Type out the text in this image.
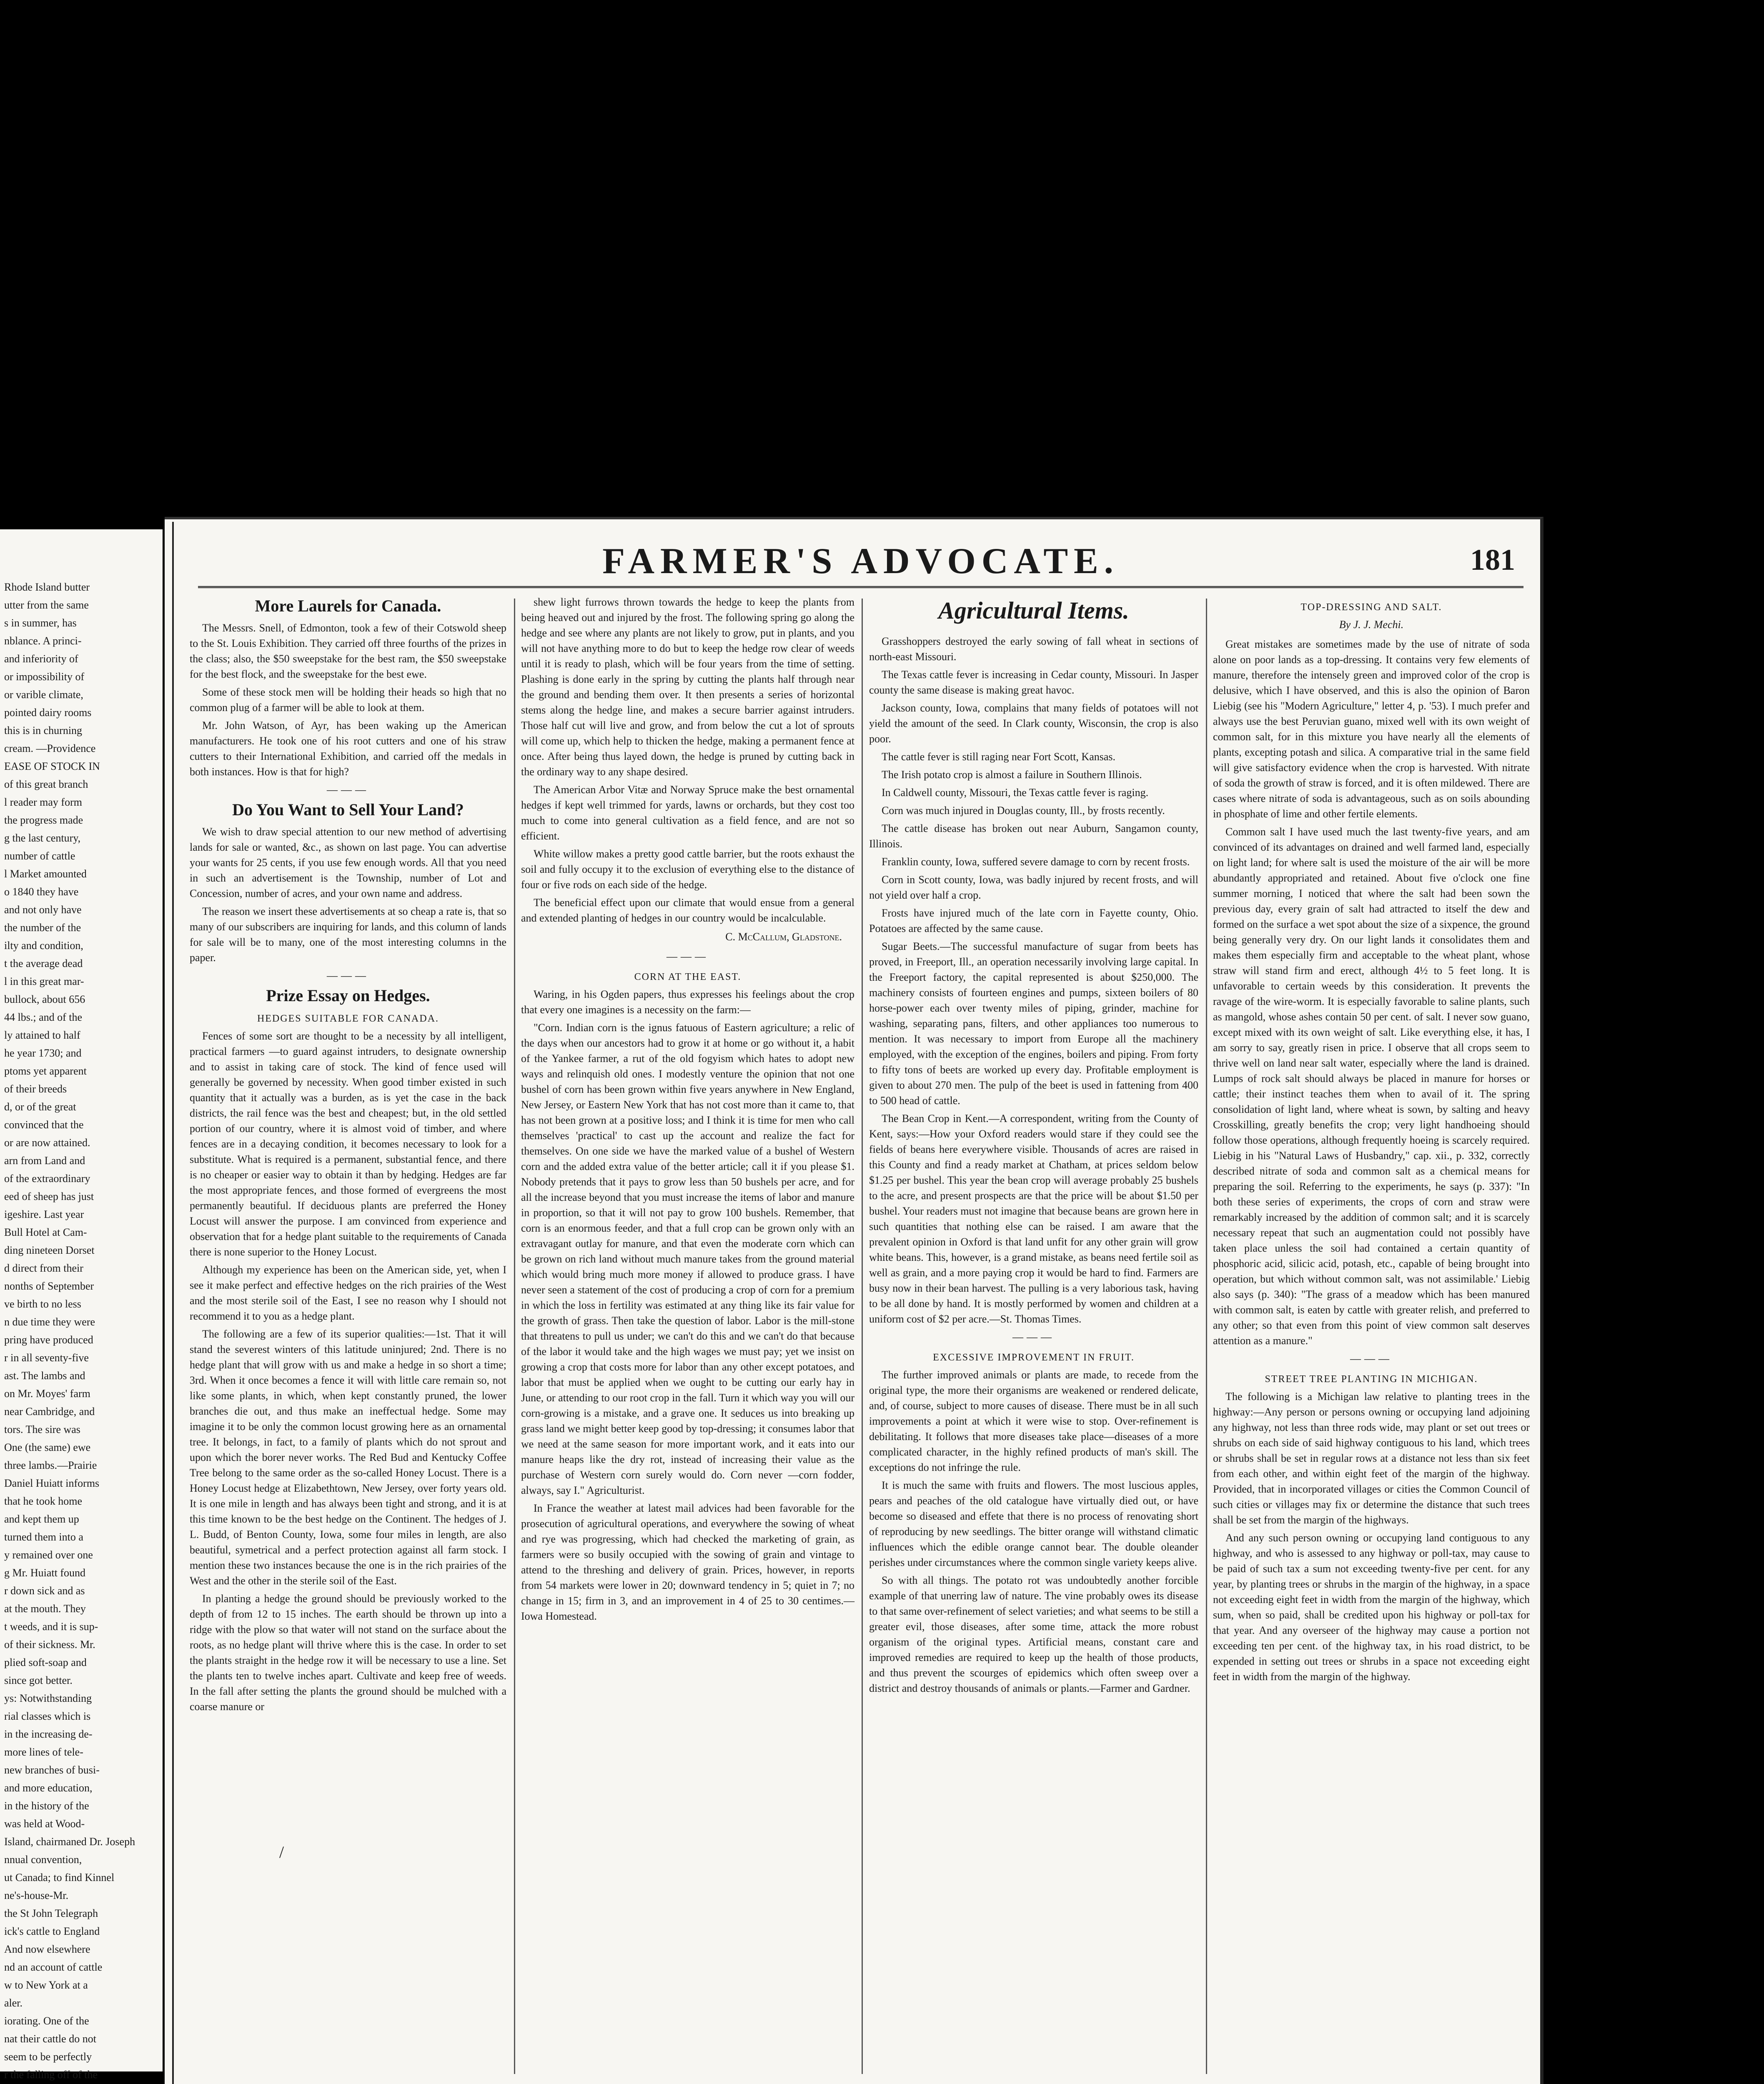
Rhode Island butter

utter from the same

s in summer, has

nblance. A princi-

and inferiority of

or impossibility of

or varible climate,

pointed dairy rooms

this is in churning

cream. —Providence

EASE OF STOCK IN

of this great branch

l reader may form

the progress made

g the last century,

number of cattle

l Market amounted

o 1840 they have

and not only have

the number of the

ilty and condition,

t the average dead

l in this great mar-

bullock, about 656

44 lbs.; and of the

ly attained to half

he year 1730; and

ptoms yet apparent

of their breeds

d, or of the great

convinced that the

or are now attained.

arn from Land and

of the extraordinary

eed of sheep has just

igeshire. Last year

Bull Hotel at Cam-

ding nineteen Dorset

d direct from their

nonths of September

ve birth to no less

n due time they were

pring have produced

r in all seventy-five

ast. The lambs and

on Mr. Moyes' farm

near Cambridge, and

tors. The sire was

One (the same) ewe

three lambs.—Prairie

Daniel Huiatt informs

that he took home

and kept them up

turned them into a

y remained over one

g Mr. Huiatt found

r down sick and as

at the mouth. They

t weeds, and it is sup-

of their sickness. Mr.

plied soft-soap and

since got better.

ys: Notwithstanding

rial classes which is

in the increasing de-

more lines of tele-

new branches of busi-

and more education,

in the history of the

was held at Wood-

Island, chairmaned Dr. Joseph

nnual convention,

ut Canada; to find Kinnel

ne's-house-Mr.

the St John Telegraph

ick's cattle to England

And now elsewhere

nd an account of cattle

w to New York at a

aler.

iorating. One of the

nat their cattle do not

seem to be perfectly

r the falling off of the

FARMER'S ADVOCATE.	181
More Laurels for Canada.

The Messrs. Snell, of Edmonton, took a few of their Cotswold sheep to the St. Louis Exhibition. They carried off three fourths of the prizes in the class; also, the $50 sweepstake for the best ram, the $50 sweepstake for the best flock, and the sweepstake for the best ewe.

Some of these stock men will be holding their heads so high that no common plug of a farmer will be able to look at them.

Mr. John Watson, of Ayr, has been waking up the American manufacturers. He took one of his root cutters and one of his straw cutters to their International Exhibition, and carried off the medals in both instances. How is that for high?

———
Do You Want to Sell Your Land?

We wish to draw special attention to our new method of advertising lands for sale or wanted, &c., as shown on last page. You can advertise your wants for 25 cents, if you use few enough words. All that you need in such an advertisement is the Township, number of Lot and Concession, number of acres, and your own name and address.

The reason we insert these advertisements at so cheap a rate is, that so many of our subscribers are inquiring for lands, and this column of lands for sale will be to many, one of the most interesting columns in the paper.

———
Prize Essay on Hedges.
HEDGES SUITABLE FOR CANADA.

Fences of some sort are thought to be a necessity by all intelligent, practical farmers —to guard against intruders, to designate ownership and to assist in taking care of stock. The kind of fence used will generally be governed by necessity. When good timber existed in such quantity that it actually was a burden, as is yet the case in the back districts, the rail fence was the best and cheapest; but, in the old settled portion of our country, where it is almost void of timber, and where fences are in a decaying condition, it becomes necessary to look for a substitute. What is required is a permanent, substantial fence, and there is no cheaper or easier way to obtain it than by hedging. Hedges are far the most appropriate fences, and those formed of evergreens the most permanently beautiful. If deciduous plants are preferred the Honey Locust will answer the purpose. I am convinced from experience and observation that for a hedge plant suitable to the requirements of Canada there is none superior to the Honey Locust.

Although my experience has been on the American side, yet, when I see it make perfect and effective hedges on the rich prairies of the West and the most sterile soil of the East, I see no reason why I should not recommend it to you as a hedge plant.

The following are a few of its superior qualities:—1st. That it will stand the severest winters of this latitude uninjured; 2nd. There is no hedge plant that will grow with us and make a hedge in so short a time; 3rd. When it once becomes a fence it will with little care remain so, not like some plants, in which, when kept constantly pruned, the lower branches die out, and thus make an ineffectual hedge. Some may imagine it to be only the common locust growing here as an ornamental tree. It belongs, in fact, to a family of plants which do not sprout and upon which the borer never works. The Red Bud and Kentucky Coffee Tree belong to the same order as the so-called Honey Locust. There is a Honey Locust hedge at Elizabethtown, New Jersey, over forty years old. It is one mile in length and has always been tight and strong, and it is at this time known to be the best hedge on the Continent. The hedges of J. L. Budd, of Benton County, Iowa, some four miles in length, are also beautiful, symetrical and a perfect protection against all farm stock. I mention these two instances because the one is in the rich prairies of the West and the other in the sterile soil of the East.

In planting a hedge the ground should be previously worked to the depth of from 12 to 15 inches. The earth should be thrown up into a ridge with the plow so that water will not stand on the surface about the roots, as no hedge plant will thrive where this is the case. In order to set the plants straight in the hedge row it will be necessary to use a line. Set the plants ten to twelve inches apart. Cultivate and keep free of weeds. In the fall after setting the plants the ground should be mulched with a coarse manure or

shew light furrows thrown towards the hedge to keep the plants from being heaved out and injured by the frost. The following spring go along the hedge and see where any plants are not likely to grow, put in plants, and you will not have anything more to do but to keep the hedge row clear of weeds until it is ready to plash, which will be four years from the time of setting. Plashing is done early in the spring by cutting the plants half through near the ground and bending them over. It then presents a series of horizontal stems along the hedge line, and makes a secure barrier against intruders. Those half cut will live and grow, and from below the cut a lot of sprouts will come up, which help to thicken the hedge, making a permanent fence at once. After being thus layed down, the hedge is pruned by cutting back in the ordinary way to any shape desired.

The American Arbor Vitæ and Norway Spruce make the best ornamental hedges if kept well trimmed for yards, lawns or orchards, but they cost too much to come into general cultivation as a field fence, and are not so efficient.

White willow makes a pretty good cattle barrier, but the roots exhaust the soil and fully occupy it to the exclusion of everything else to the distance of four or five rods on each side of the hedge.

The beneficial effect upon our climate that would ensue from a general and extended planting of hedges in our country would be incalculable.

C. McCallum, Gladstone.
———
CORN AT THE EAST.

Waring, in his Ogden papers, thus expresses his feelings about the crop that every one imagines is a necessity on the farm:—

"Corn. Indian corn is the ignus fatuous of Eastern agriculture; a relic of the days when our ancestors had to grow it at home or go without it, a habit of the Yankee farmer, a rut of the old fogyism which hates to adopt new ways and relinquish old ones. I modestly venture the opinion that not one bushel of corn has been grown within five years anywhere in New England, New Jersey, or Eastern New York that has not cost more than it came to, that has not been grown at a positive loss; and I think it is time for men who call themselves 'practical' to cast up the account and realize the fact for themselves. On one side we have the marked value of a bushel of Western corn and the added extra value of the better article; call it if you please $1. Nobody pretends that it pays to grow less than 50 bushels per acre, and for all the increase beyond that you must increase the items of labor and manure in proportion, so that it will not pay to grow 100 bushels. Remember, that corn is an enormous feeder, and that a full crop can be grown only with an extravagant outlay for manure, and that even the moderate corn which can be grown on rich land without much manure takes from the ground material which would bring much more money if allowed to produce grass. I have never seen a statement of the cost of producing a crop of corn for a premium in which the loss in fertility was estimated at any thing like its fair value for the growth of grass. Then take the question of labor. Labor is the mill-stone that threatens to pull us under; we can't do this and we can't do that because of the labor it would take and the high wages we must pay; yet we insist on growing a crop that costs more for labor than any other except potatoes, and labor that must be applied when we ought to be cutting our early hay in June, or attending to our root crop in the fall. Turn it which way you will our corn-growing is a mistake, and a grave one. It seduces us into breaking up grass land we might better keep good by top-dressing; it consumes labor that we need at the same season for more important work, and it eats into our manure heaps like the dry rot, instead of increasing their value as the purchase of Western corn surely would do. Corn never —corn fodder, always, say I." Agriculturist.

In France the weather at latest mail advices had been favorable for the prosecution of agricultural operations, and everywhere the sowing of wheat and rye was progressing, which had checked the marketing of grain, as farmers were so busily occupied with the sowing of grain and vintage to attend to the threshing and delivery of grain. Prices, however, in reports from 54 markets were lower in 20; downward tendency in 5; quiet in 7; no change in 15; firm in 3, and an improvement in 4 of 25 to 30 centimes.—Iowa Homestead.

Agricultural Items.

Grasshoppers destroyed the early sowing of fall wheat in sections of north-east Missouri.

The Texas cattle fever is increasing in Cedar county, Missouri. In Jasper county the same disease is making great havoc.

Jackson county, Iowa, complains that many fields of potatoes will not yield the amount of the seed. In Clark county, Wisconsin, the crop is also poor.

The cattle fever is still raging near Fort Scott, Kansas.

The Irish potato crop is almost a failure in Southern Illinois.

In Caldwell county, Missouri, the Texas cattle fever is raging.

Corn was much injured in Douglas county, Ill., by frosts recently.

The cattle disease has broken out near Auburn, Sangamon county, Illinois.

Franklin county, Iowa, suffered severe damage to corn by recent frosts.

Corn in Scott county, Iowa, was badly injured by recent frosts, and will not yield over half a crop.

Frosts have injured much of the late corn in Fayette county, Ohio. Potatoes are affected by the same cause.

Sugar Beets.—The successful manufacture of sugar from beets has proved, in Freeport, Ill., an operation necessarily involving large capital. In the Freeport factory, the capital represented is about $250,000. The machinery consists of fourteen engines and pumps, sixteen boilers of 80 horse-power each over twenty miles of piping, grinder, machine for washing, separating pans, filters, and other appliances too numerous to mention. It was necessary to import from Europe all the machinery employed, with the exception of the engines, boilers and piping. From forty to fifty tons of beets are worked up every day. Profitable employment is given to about 270 men. The pulp of the beet is used in fattening from 400 to 500 head of cattle.

The Bean Crop in Kent.—A correspondent, writing from the County of Kent, says:—How your Oxford readers would stare if they could see the fields of beans here everywhere visible. Thousands of acres are raised in this County and find a ready market at Chatham, at prices seldom below $1.25 per bushel. This year the bean crop will average probably 25 bushels to the acre, and present prospects are that the price will be about $1.50 per bushel. Your readers must not imagine that because beans are grown here in such quantities that nothing else can be raised. I am aware that the prevalent opinion in Oxford is that land unfit for any other grain will grow white beans. This, however, is a grand mistake, as beans need fertile soil as well as grain, and a more paying crop it would be hard to find. Farmers are busy now in their bean harvest. The pulling is a very laborious task, having to be all done by hand. It is mostly performed by women and children at a uniform cost of $2 per acre.—St. Thomas Times.

———
EXCESSIVE IMPROVEMENT IN FRUIT.

The further improved animals or plants are made, to recede from the original type, the more their organisms are weakened or rendered delicate, and, of course, subject to more causes of disease. There must be in all such improvements a point at which it were wise to stop. Over-refinement is debilitating. It follows that more diseases take place—diseases of a more complicated character, in the highly refined products of man's skill. The exceptions do not infringe the rule.

It is much the same with fruits and flowers. The most luscious apples, pears and peaches of the old catalogue have virtually died out, or have become so diseased and effete that there is no process of renovating short of reproducing by new seedlings. The bitter orange will withstand climatic influences which the edible orange cannot bear. The double oleander perishes under circumstances where the common single variety keeps alive.

So with all things. The potato rot was undoubtedly another forcible example of that unerring law of nature. The vine probably owes its disease to that same over-refinement of select varieties; and what seems to be still a greater evil, those diseases, after some time, attack the more robust organism of the original types. Artificial means, constant care and improved remedies are required to keep up the health of those products, and thus prevent the scourges of epidemics which often sweep over a district and destroy thousands of animals or plants.—Farmer and Gardner.

TOP-DRESSING AND SALT.
By J. J. Mechi.

Great mistakes are sometimes made by the use of nitrate of soda alone on poor lands as a top-dressing. It contains very few elements of manure, therefore the intensely green and improved color of the crop is delusive, which I have observed, and this is also the opinion of Baron Liebig (see his "Modern Agriculture," letter 4, p. '53). I much prefer and always use the best Peruvian guano, mixed well with its own weight of common salt, for in this mixture you have nearly all the elements of plants, excepting potash and silica. A comparative trial in the same field will give satisfactory evidence when the crop is harvested. With nitrate of soda the growth of straw is forced, and it is often mildewed. There are cases where nitrate of soda is advantageous, such as on soils abounding in phosphate of lime and other fertile elements.

Common salt I have used much the last twenty-five years, and am convinced of its advantages on drained and well farmed land, especially on light land; for where salt is used the moisture of the air will be more abundantly appropriated and retained. About five o'clock one fine summer morning, I noticed that where the salt had been sown the previous day, every grain of salt had attracted to itself the dew and formed on the surface a wet spot about the size of a sixpence, the ground being generally very dry. On our light lands it consolidates them and makes them especially firm and acceptable to the wheat plant, whose straw will stand firm and erect, although 4½ to 5 feet long. It is unfavorable to certain weeds by this consideration. It prevents the ravage of the wire-worm. It is especially favorable to saline plants, such as mangold, whose ashes contain 50 per cent. of salt. I never sow guano, except mixed with its own weight of salt. Like everything else, it has, I am sorry to say, greatly risen in price. I observe that all crops seem to thrive well on land near salt water, especially where the land is drained. Lumps of rock salt should always be placed in manure for horses or cattle; their instinct teaches them when to avail of it. The spring consolidation of light land, where wheat is sown, by salting and heavy Crosskilling, greatly benefits the crop; very light handhoeing should follow those operations, although frequently hoeing is scarcely required. Liebig in his "Natural Laws of Husbandry," cap. xii., p. 332, correctly described nitrate of soda and common salt as a chemical means for preparing the soil. Referring to the experiments, he says (p. 337): "In both these series of experiments, the crops of corn and straw were remarkably increased by the addition of common salt; and it is scarcely necessary repeat that such an augmentation could not possibly have taken place unless the soil had contained a certain quantity of phosphoric acid, silicic acid, potash, etc., capable of being brought into operation, but which without common salt, was not assimilable.' Liebig also says (p. 340): "The grass of a meadow which has been manured with common salt, is eaten by cattle with greater relish, and preferred to any other; so that even from this point of view common salt deserves attention as a manure."

———
STREET TREE PLANTING IN MICHIGAN.

The following is a Michigan law relative to planting trees in the highway:—Any person or persons owning or occupying land adjoining any highway, not less than three rods wide, may plant or set out trees or shrubs on each side of said highway contiguous to his land, which trees or shrubs shall be set in regular rows at a distance not less than six feet from each other, and within eight feet of the margin of the highway. Provided, that in incorporated villages or cities the Common Council of such cities or villages may fix or determine the distance that such trees shall be set from the margin of the highways.

And any such person owning or occupying land contiguous to any highway, and who is assessed to any highway or poll-tax, may cause to be paid of such tax a sum not exceeding twenty-five per cent. for any year, by planting trees or shrubs in the margin of the highway, in a space not exceeding eight feet in width from the margin of the highway, which sum, when so paid, shall be credited upon his highway or poll-tax for that year. And any overseer of the highway may cause a portion not exceeding ten per cent. of the highway tax, in his road district, to be expended in setting out trees or shrubs in a space not exceeding eight feet in width from the margin of the highway.

/
